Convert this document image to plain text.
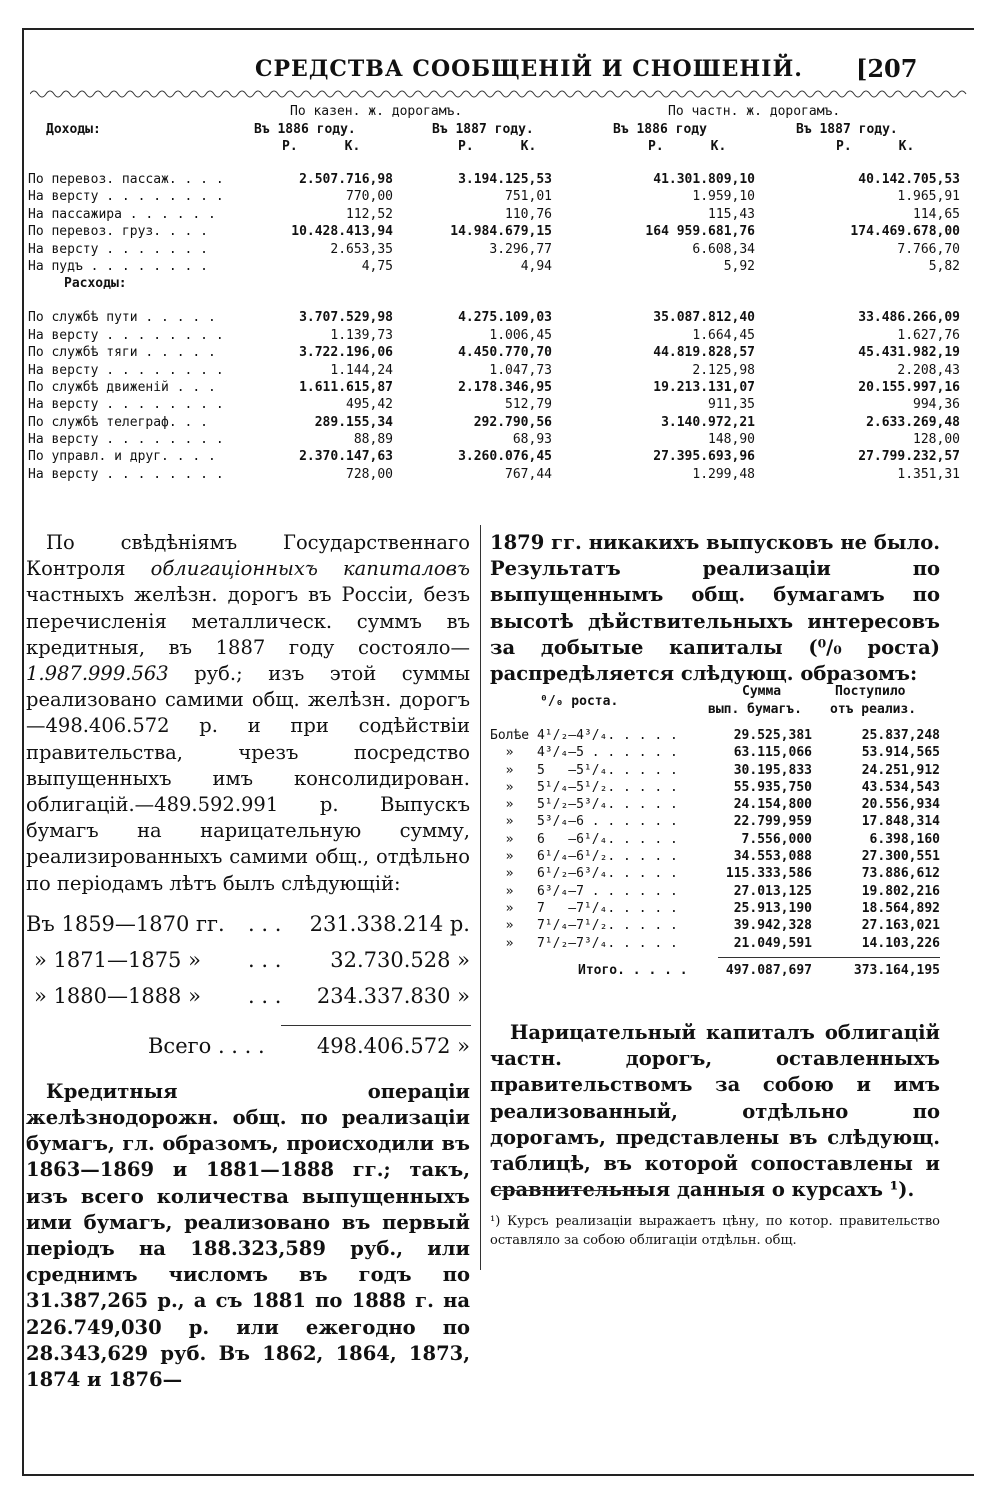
СРЕДСТВА СООБЩЕНІЙ И СНОШЕНІЙ. [207
По казен. ж. дорогамъ.	По частн. ж. дорогамъ.
Доходы:	Въ 1886 году.	Въ 1887 году.	Въ 1886 году	Въ 1887 году.
Р.      К.	Р.      К.	Р.      К.	Р.      К.
По перевоз. пассаж. . . .	2.507.716,98	3.194.125,53	41.301.809,10	40.142.705,53
На версту . . . . . . . .	770,00	751,01	1.959,10	1.965,91
На пассажира . . . . . .	112,52	110,76	115,43	114,65
По перевоз. груз. . . .	10.428.413,94	14.984.679,15	164 959.681,76	174.469.678,00
На версту . . . . . . .	2.653,35	3.296,77	6.608,34	7.766,70
На пудъ . . . . . . . .	4,75	4,94	5,92	5,82
Расходы:
По службѣ пути . . . . .	3.707.529,98	4.275.109,03	35.087.812,40	33.486.266,09
На версту . . . . . . . .	1.139,73	1.006,45	1.664,45	1.627,76
По службѣ тяги . . . . .	3.722.196,06	4.450.770,70	44.819.828,57	45.431.982,19
На версту . . . . . . . .	1.144,24	1.047,73	2.125,98	2.208,43
По службѣ движеній . . .	1.611.615,87	2.178.346,95	19.213.131,07	20.155.997,16
На версту . . . . . . . .	495,42	512,79	911,35	994,36
По службѣ телеграф. . .	289.155,34	292.790,56	3.140.972,21	2.633.269,48
На версту . . . . . . . .	88,89	68,93	148,90	128,00
По управл. и друг. . . .	2.370.147,63	3.260.076,45	27.395.693,96	27.799.232,57
На версту . . . . . . . .	728,00	767,44	1.299,48	1.351,31

По свѣдѣніямъ Государственнаго Контроля облигаціонныхъ капиталовъ частныхъ желѣзн. дорогъ въ Россіи, безъ перечисленія металлическ. суммъ въ кредитныя, въ 1887 году состояло—1.987.999.563 руб.; изъ этой суммы реализовано самими общ. желѣзн. дорогъ—498.406.572 р. и при содѣйствіи правительства, чрезъ посредство выпущенныхъ имъ консолидирован. облигацій.—489.592.991 р. Выпускъ бумагъ на нарицательную сумму, реализированныхъ самими общ., отдѣльно по періодамъ лѣтъ былъ слѣдующій:

Въ 1859—1870 гг. . . . 231.338.214 р.
» 1871—1875 » . . . 32.730.528 »
» 1880—1888 » . . . 234.337.830 »
Всего . . . . 498.406.572 »

Кредитныя операціи желѣзнодорожн. общ. по реализаціи бумагъ, гл. образомъ, происходили въ 1863—1869 и 1881—1888 гг.; такъ, изъ всего количества выпущенныхъ ими бумагъ, реализовано въ первый періодъ на 188.323,589 руб., или среднимъ числомъ въ годъ по 31.387,265 р., а съ 1881 по 1888 г. на 226.749,030 р. или ежегодно по 28.343,629 руб. Въ 1862, 1864, 1873, 1874 и 1876—

1879 гг. никакихъ выпусковъ не было. Результатъ реализаціи по выпущеннымъ общ. бумагамъ по высотѣ дѣйствительныхъ интересовъ за добытые капиталы (⁰/₀ роста) распредѣляется слѣдующ. образомъ:

⁰/₀ роста.
Сумма
вып. бумагъ.
Поступило
отъ реализ.
Болѣе 4¹/₂—4³/₄. . . . .	29.525,381	25.837,248
»   4³/₄—5 . . . . . .	63.115,066	53.914,565
»   5   —5¹/₄. . . . .	30.195,833	24.251,912
»   5¹/₄—5¹/₂. . . . .	55.935,750	43.534,543
»   5¹/₂—5³/₄. . . . .	24.154,800	20.556,934
»   5³/₄—6 . . . . . .	22.799,959	17.848,314
»   6   —6¹/₄. . . . .	7.556,000	6.398,160
»   6¹/₄—6¹/₂. . . . .	34.553,088	27.300,551
»   6¹/₂—6³/₄. . . . .	115.333,586	73.886,612
»   6³/₄—7 . . . . . .	27.013,125	19.802,216
»   7   —7¹/₄. . . . .	25.913,190	18.564,892
»   7¹/₄—7¹/₂. . . . .	39.942,328	27.163,021
»   7¹/₂—7³/₄. . . . .	21.049,591	14.103,226
Итого. . . . .	497.087,697	373.164,195

Нарицательный капиталъ облигацій частн. дорогъ, оставленныхъ правительствомъ за собою и имъ реализованный, отдѣльно по дорогамъ, представлены въ слѣдующ. таблицѣ, въ которой сопоставлены и сравнительныя данныя о курсахъ ¹).

¹) Курсъ реализаціи выражаетъ цѣну, по котор. правительство оставляло за собою облигаціи отдѣльн. общ.
